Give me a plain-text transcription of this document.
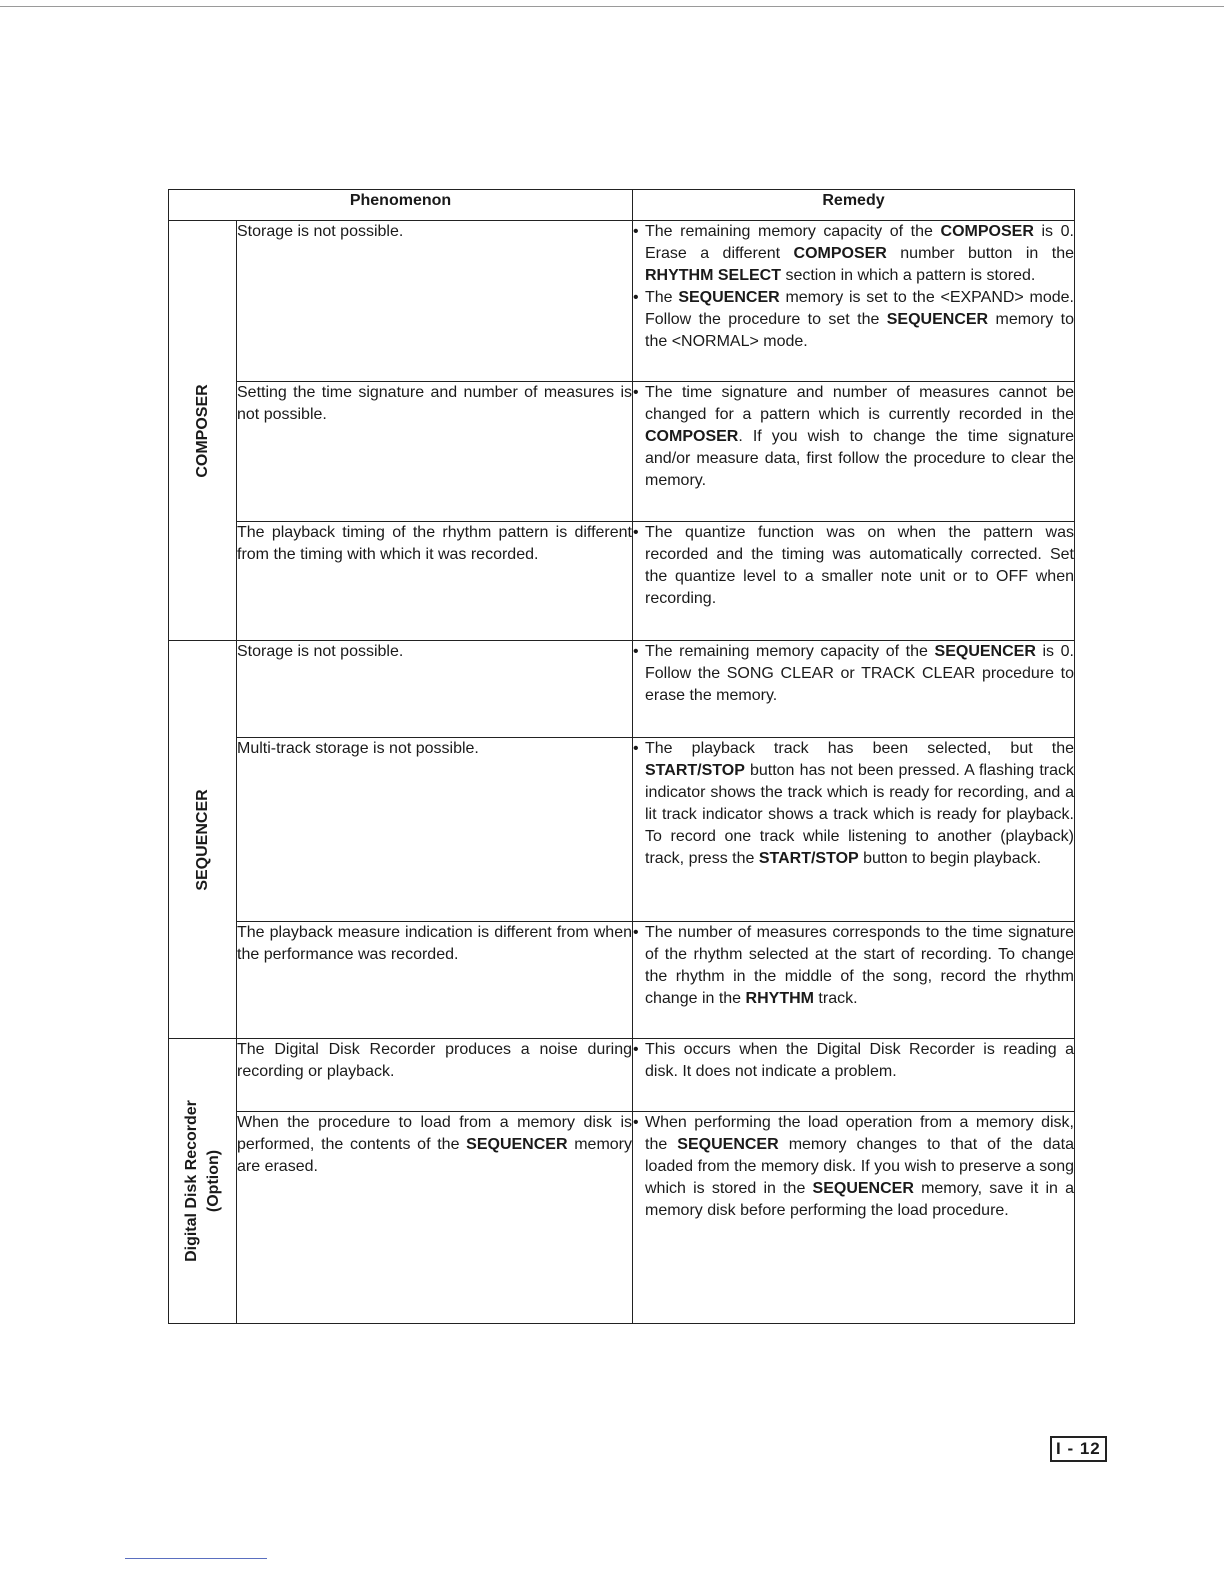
Phenomenon		Remedy

COMPOSER	Storage is not possible.	• The remaining memory capacity of the COMPOSER is 0. Erase a different COMPOSER number button in the RHYTHM SELECT section in which a pattern is stored.
• The SEQUENCER memory is set to the <EXPAND> mode. Follow the procedure to set the SEQUENCER memory to the <NORMAL> mode.

	Setting the time signature and number of measures is not possible.	• The time signature and number of measures cannot be changed for a pattern which is currently recorded in the COMPOSER. If you wish to change the time signature and/or measure data, first follow the procedure to clear the memory.

	The playback timing of the rhythm pattern is different from the timing with which it was recorded.	• The quantize function was on when the pattern was recorded and the timing was automatically corrected. Set the quantize level to a smaller note unit or to OFF when recording.

SEQUENCER	Storage is not possible.	• The remaining memory capacity of the SEQUENCER is 0. Follow the SONG CLEAR or TRACK CLEAR procedure to erase the memory.

	Multi-track storage is not possible.	• The playback track has been selected, but the START/STOP button has not been pressed. A flashing track indicator shows the track which is ready for recording, and a lit track indicator shows a track which is ready for playback. To record one track while listening to another (playback) track, press the START/STOP button to begin playback.

	The playback measure indication is different from when the performance was recorded.	• The number of measures corresponds to the time signature of the rhythm selected at the start of recording. To change the rhythm in the middle of the song, record the rhythm change in the RHYTHM track.

Digital Disk Recorder (Option)	The Digital Disk Recorder produces a noise during recording or playback.	• This occurs when the Digital Disk Recorder is reading a disk. It does not indicate a problem.

	When the procedure to load from a memory disk is performed, the contents of the SEQUENCER memory are erased.	• When performing the load operation from a memory disk, the SEQUENCER memory changes to that of the data loaded from the memory disk. If you wish to preserve a song which is stored in the SEQUENCER memory, save it in a memory disk before performing the load procedure.
I - 12
